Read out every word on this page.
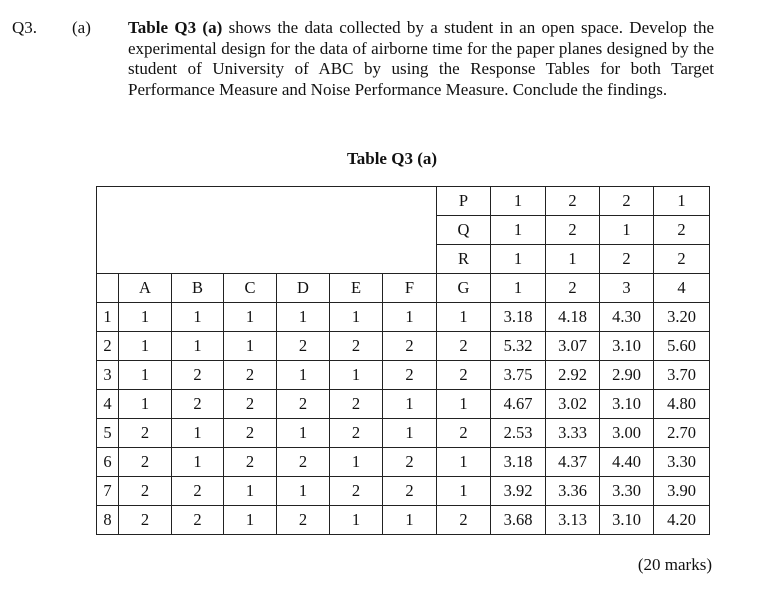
Q3. (a) Table Q3 (a) shows the data collected by a student in an open space. Develop the experimental design for the data of airborne time for the paper planes designed by the student of University of ABC by using the Response Tables for both Target Performance Measure and Noise Performance Measure. Conclude the findings.
Table Q3 (a)
							P	1	2	2	1
							Q	1	2	1	2
							R	1	1	2	2
	A	B	C	D	E	F	G	1	2	3	4
1	1	1	1	1	1	1	1	3.18	4.18	4.30	3.20
2	1	1	1	2	2	2	2	5.32	3.07	3.10	5.60
3	1	2	2	1	1	2	2	3.75	2.92	2.90	3.70
4	1	2	2	2	2	1	1	4.67	3.02	3.10	4.80
5	2	1	2	1	2	1	2	2.53	3.33	3.00	2.70
6	2	1	2	2	1	2	1	3.18	4.37	4.40	3.30
7	2	2	1	1	2	2	1	3.92	3.36	3.30	3.90
8	2	2	1	2	1	1	2	3.68	3.13	3.10	4.20
(20 marks)
